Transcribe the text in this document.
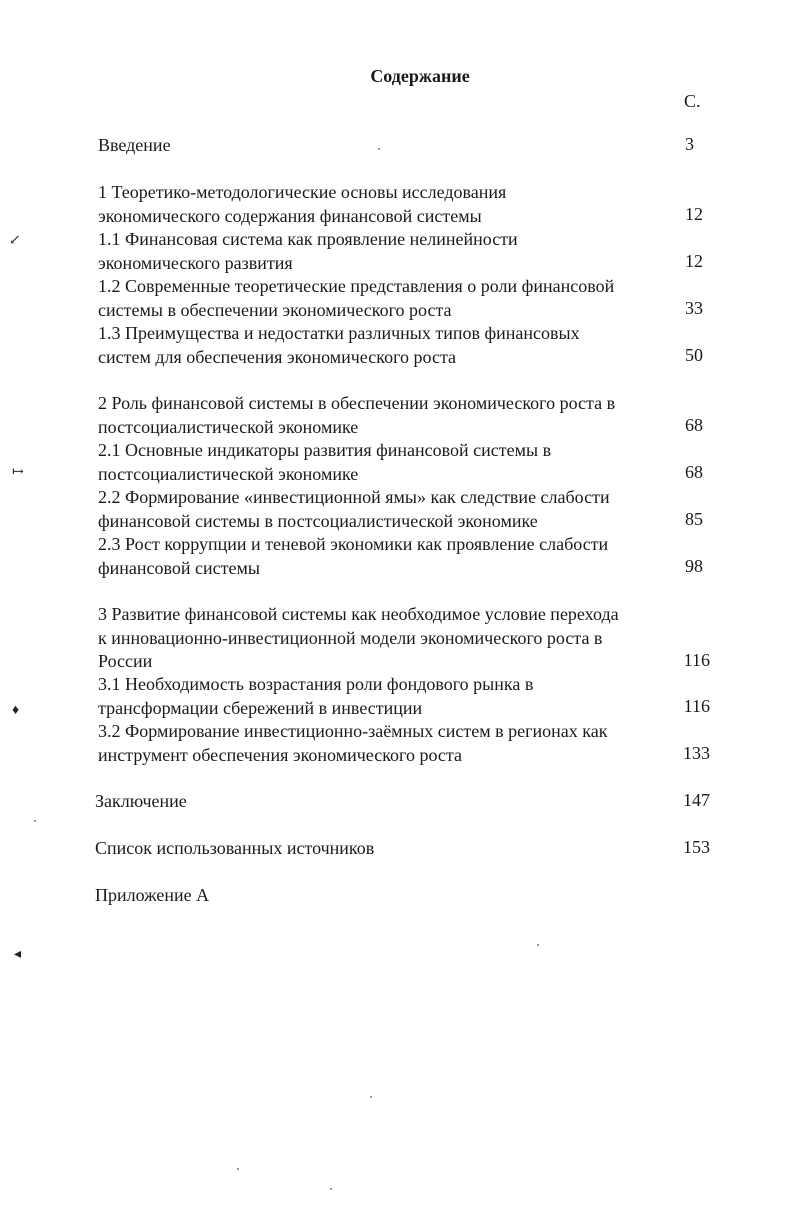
Содержание
С.
Введение	3
1 Теоретико-методологические основы исследования
экономического содержания финансовой системы	12
1.1 Финансовая система как проявление нелинейности
экономического развития	12
1.2 Современные теоретические представления о роли финансовой
системы в обеспечении экономического роста	33
1.3 Преимущества и недостатки различных типов финансовых
систем для обеспечения экономического роста	50
2 Роль финансовой системы в обеспечении экономического роста в
постсоциалистической экономике	68
2.1 Основные индикаторы развития финансовой системы в
постсоциалистической экономике	68
2.2 Формирование «инвестиционной ямы» как следствие слабости
финансовой системы в постсоциалистической экономике	85
2.3 Рост коррупции и теневой экономики как проявление слабости
финансовой системы	98
3 Развитие финансовой системы как необходимое условие перехода
к инновационно-инвестиционной модели экономического роста в
России	116
3.1 Необходимость возрастания роли фондового рынка в
трансформации сбережений в инвестиции	116
3.2 Формирование инвестиционно-заёмных систем в регионах как
инструмент обеспечения экономического роста	133
Заключение	147
Список использованных источников	153
Приложение А
↙
↦
♦
◂
